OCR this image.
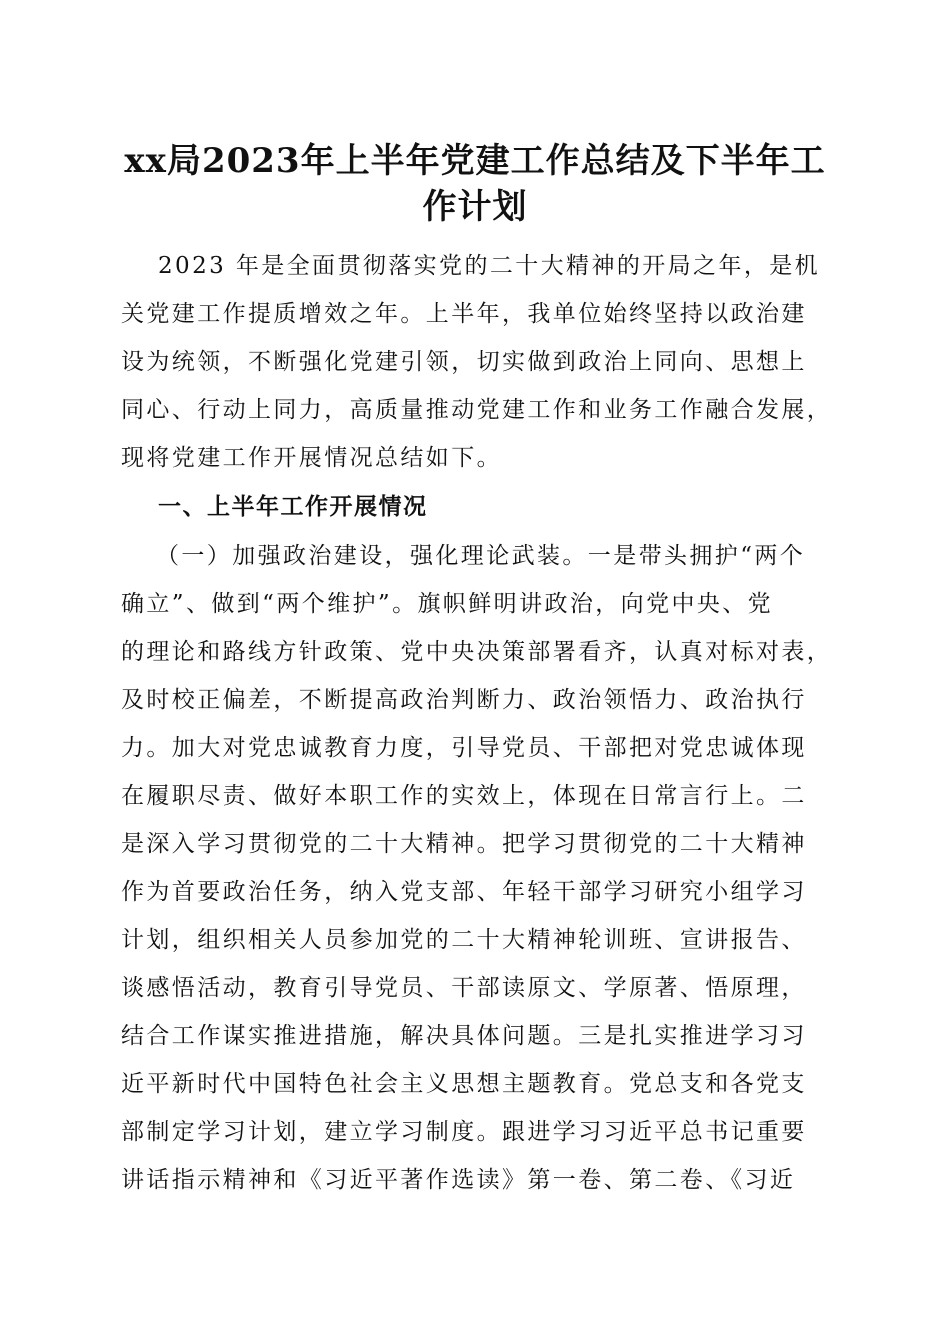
xx局2023年上半年党建工作总结及下半年工
作计划
2023 年是全面贯彻落实党的二十大精神的开局之年，是机
关党建工作提质增效之年。上半年，我单位始终坚持以政治建
设为统领，不断强化党建引领，切实做到政治上同向、思想上
同心、行动上同力，高质量推动党建工作和业务工作融合发展，
现将党建工作开展情况总结如下。
一、上半年工作开展情况
（一）加强政治建设，强化理论武装。一是带头拥护“两个
确立”、做到“两个维护”。旗帜鲜明讲政治，向党中央、党
的理论和路线方针政策、党中央决策部署看齐，认真对标对表，
及时校正偏差，不断提高政治判断力、政治领悟力、政治执行
力。加大对党忠诚教育力度，引导党员、干部把对党忠诚体现
在履职尽责、做好本职工作的实效上，体现在日常言行上。二
是深入学习贯彻党的二十大精神。把学习贯彻党的二十大精神
作为首要政治任务，纳入党支部、年轻干部学习研究小组学习
计划，组织相关人员参加党的二十大精神轮训班、宣讲报告、
谈感悟活动，教育引导党员、干部读原文、学原著、悟原理，
结合工作谋实推进措施，解决具体问题。三是扎实推进学习习
近平新时代中国特色社会主义思想主题教育。党总支和各党支
部制定学习计划，建立学习制度。跟进学习习近平总书记重要
讲话指示精神和《习近平著作选读》第一卷、第二卷、《习近
